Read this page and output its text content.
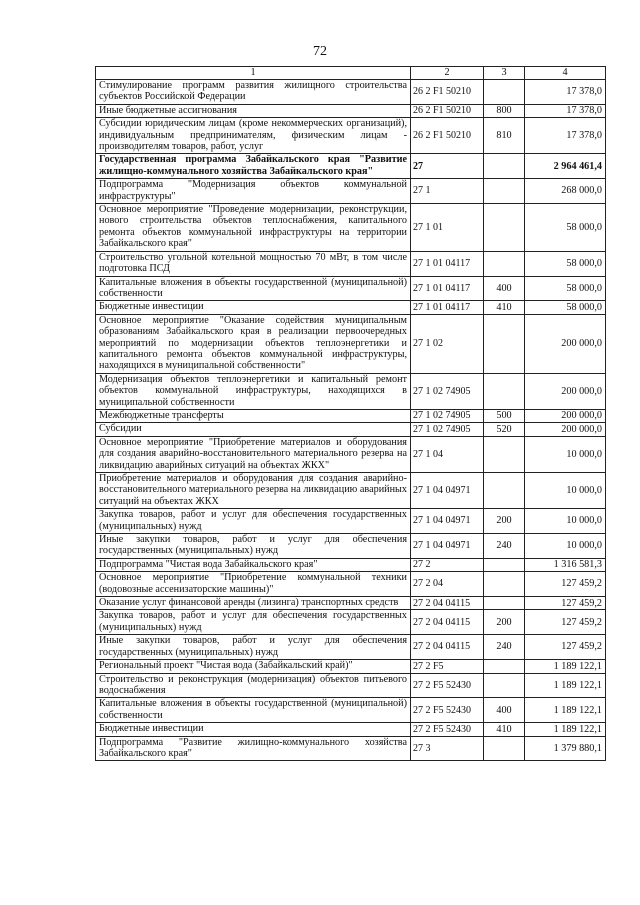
72
1	2	3	4
Стимулирование программ развития жилищного строительства субъектов Российской Федерации	26 2 F1 50210		17 378,0
Иные бюджетные ассигнования	26 2 F1 50210	800	17 378,0
Субсидии юридическим лицам (кроме некоммерческих организаций), индивидуальным предпринимателям, физическим лицам - производителям товаров, работ, услуг	26 2 F1 50210	810	17 378,0
Государственная программа Забайкальского края "Развитие жилищно-коммунального хозяйства Забайкальского края"	27		2 964 461,4
Подпрограмма "Модернизация объектов коммунальной инфраструктуры"	27 1		268 000,0
Основное мероприятие "Проведение модернизации, реконструкции, нового строительства объектов теплоснабжения, капитального ремонта объектов коммунальной инфраструктуры на территории Забайкальского края"	27 1 01		58 000,0
Строительство угольной котельной мощностью 70 мВт, в том числе подготовка ПСД	27 1 01 04117		58 000,0
Капитальные вложения в объекты государственной (муниципальной) собственности	27 1 01 04117	400	58 000,0
Бюджетные инвестиции	27 1 01 04117	410	58 000,0
Основное мероприятие "Оказание содействия муниципальным образованиям Забайкальского края в реализации первоочередных мероприятий по модернизации объектов теплоэнергетики и капитального ремонта объектов коммунальной инфраструктуры, находящихся в муниципальной собственности"	27 1 02		200 000,0
Модернизация объектов теплоэнергетики и капитальный ремонт объектов коммунальной инфраструктуры, находящихся в муниципальной собственности	27 1 02 74905		200 000,0
Межбюджетные трансферты	27 1 02 74905	500	200 000,0
Субсидии	27 1 02 74905	520	200 000,0
Основное мероприятие "Приобретение материалов и оборудования для создания аварийно-восстановительного материального резерва на ликвидацию аварийных ситуаций на объектах ЖКХ"	27 1 04		10 000,0
Приобретение материалов и оборудования для создания аварийно-восстановительного материального резерва на ликвидацию аварийных ситуаций на объектах ЖКХ	27 1 04 04971		10 000,0
Закупка товаров, работ и услуг для обеспечения государственных (муниципальных) нужд	27 1 04 04971	200	10 000,0
Иные закупки товаров, работ и услуг для обеспечения государственных (муниципальных) нужд	27 1 04 04971	240	10 000,0
Подпрограмма "Чистая вода Забайкальского края"	27 2		1 316 581,3
Основное мероприятие "Приобретение коммунальной техники (водовозные ассенизаторские машины)"	27 2 04		127 459,2
Оказание услуг финансовой аренды (лизинга) транспортных средств	27 2 04 04115		127 459,2
Закупка товаров, работ и услуг для обеспечения государственных (муниципальных) нужд	27 2 04 04115	200	127 459,2
Иные закупки товаров, работ и услуг для обеспечения государственных (муниципальных) нужд	27 2 04 04115	240	127 459,2
Региональный проект "Чистая вода (Забайкальский край)"	27 2 F5		1 189 122,1
Строительство и реконструкция (модернизация) объектов питьевого водоснабжения	27 2 F5 52430		1 189 122,1
Капитальные вложения в объекты государственной (муниципальной) собственности	27 2 F5 52430	400	1 189 122,1
Бюджетные инвестиции	27 2 F5 52430	410	1 189 122,1
Подпрограмма "Развитие жилищно-коммунального хозяйства Забайкальского края"	27 3		1 379 880,1
